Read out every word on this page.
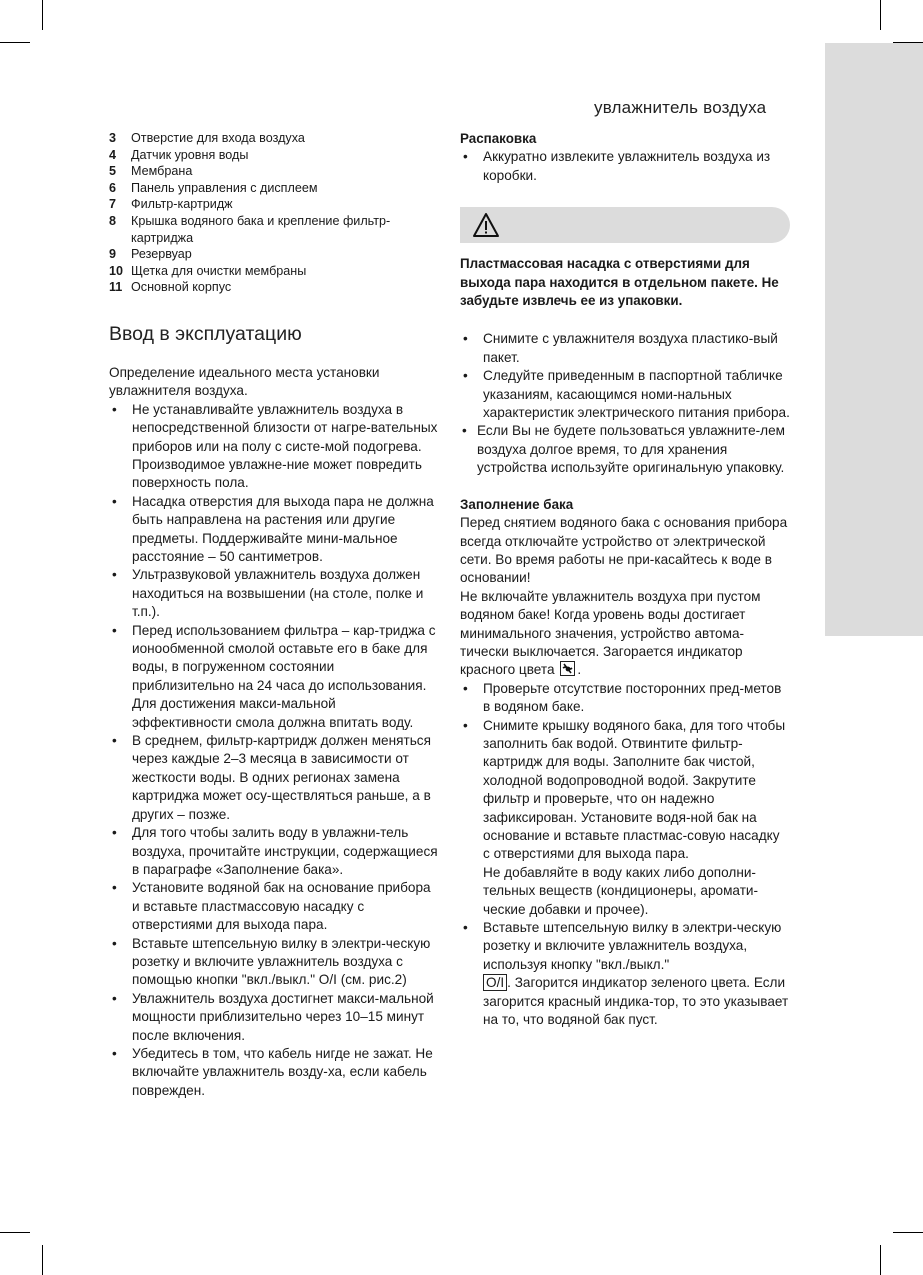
увлажнитель воздуха
3 Отверстие для входа воздуха
4 Датчик уровня воды
5 Мембрана
6 Панель управления с дисплеем
7 Фильтр-картридж
8 Крышка водяного бака и крепление фильтр-картриджа
9 Резервуар
10 Щетка для очистки мембраны
11 Основной корпус
Ввод в эксплуатацию

Определение идеального места установки увлажнителя воздуха.

• Не устанавливайте увлажнитель воздуха в непосредственной близости от нагре-вательных приборов или на полу с систе-мой подогрева. Производимое увлажне-ние может повредить поверхность пола.
• Насадка отверстия для выхода пара не должна быть направлена на растения или другие предметы. Поддерживайте мини-мальное расстояние – 50 сантиметров.
• Ультразвуковой увлажнитель воздуха должен находиться на возвышении (на столе, полке и т.п.).
• Перед использованием фильтра – кар-триджа с ионообменной смолой оставьте его в баке для воды, в погруженном состоянии приблизительно на 24 часа до использования. Для достижения макси-мальной эффективности смола должна впитать воду.
• В среднем, фильтр-картридж должен меняться через каждые 2–3 месяца в зависимости от жесткости воды. В одних регионах замена картриджа может осу-ществляться раньше, а в других – позже.
• Для того чтобы залить воду в увлажни-тель воздуха, прочитайте инструкции, содержащиеся в параграфе «Заполнение бака».
• Установите водяной бак на основание прибора и вставьте пластмассовую насадку с отверстиями для выхода пара.
• Вставьте штепсельную вилку в электри-ческую розетку и включите увлажнитель воздуха с помощью кнопки "вкл./выкл." O/I (см. рис.2)
• Увлажнитель воздуха достигнет макси-мальной мощности приблизительно через 10–15 минут после включения.
• Убедитесь в том, что кабель нигде не зажат. Не включайте увлажнитель возду-ха, если кабель поврежден.
Распаковка
• Аккуратно извлеките увлажнитель воздуха из коробки.

Пластмассовая насадка с отверстиями для выхода пара находится в отдельном пакете. Не забудьте извлечь ее из упаковки.

• Снимите с увлажнителя воздуха пластико-вый пакет.
• Следуйте приведенным в паспортной табличке указаниям, касающимся номи-нальных характеристик электрического питания прибора.
• Если Вы не будете пользоваться увлажните-лем воздуха долгое время, то для хранения устройства используйте оригинальную упаковку.
Заполнение бака

Перед снятием водяного бака с основания прибора всегда отключайте устройство от электрической сети. Во время работы не при-касайтесь к воде в основании!

Не включайте увлажнитель воздуха при пустом водяном баке! Когда уровень воды достигает минимального значения, устройство автома-тически выключается. Загорается индикатор красного цвета .

• Проверьте отсутствие посторонних пред-метов в водяном баке.
• Снимите крышку водяного бака, для того чтобы заполнить бак водой. Отвинтите фильтр-картридж для воды. Заполните бак чистой, холодной водопроводной водой. Закрутите фильтр и проверьте, что он надежно зафиксирован. Установите водя-ной бак на основание и вставьте пластмас-совую насадку с отверстиями для выхода пара.
Не добавляйте в воду каких либо дополни-тельных веществ (кондиционеры, аромати-ческие добавки и прочее).
• Вставьте штепсельную вилку в электри-ческую розетку и включите увлажнитель воздуха, используя кнопку "вкл./выкл."
O/I . Загорится индикатор зеленого цвета. Если загорится красный индика-тор, то это указывает на то, что водяной бак пуст.
